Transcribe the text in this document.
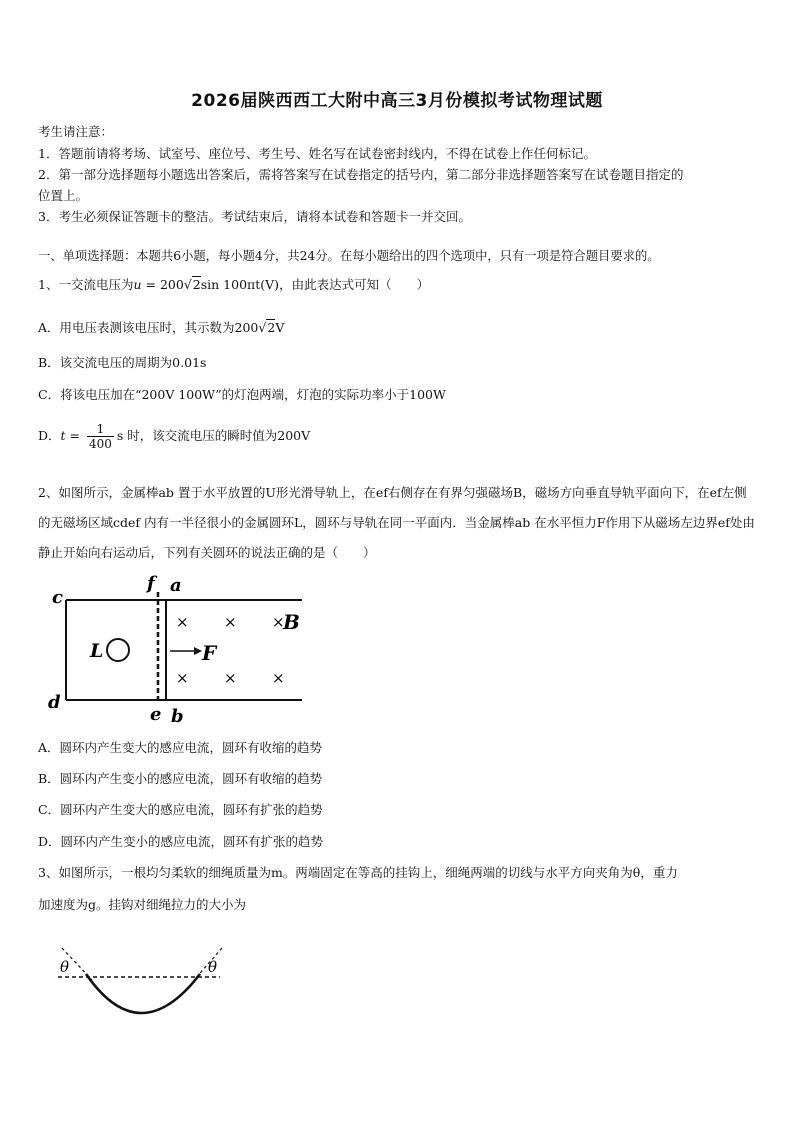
2026届陕西西工大附中高三3月份模拟考试物理试题
考生请注意：
1．答题前请将考场、试室号、座位号、考生号、姓名写在试卷密封线内，不得在试卷上作任何标记。
2．第一部分选择题每小题选出答案后，需将答案写在试卷指定的括号内，第二部分非选择题答案写在试卷题目指定的
位置上。
3．考生必须保证答题卡的整洁。考试结束后，请将本试卷和答题卡一并交回。
一、单项选择题：本题共6小题，每小题4分，共24分。在每小题给出的四个选项中，只有一项是符合题目要求的。
1、一交流电压为u = 200√2sin 100πt(V)，由此表达式可知（　　）
A．用电压表测该电压时，其示数为200√2V
B．该交流电压的周期为0.01s
C．将该电压加在“200V 100W”的灯泡两端，灯泡的实际功率小于100W
D．$t = \frac{1}{400}$ s 时，该交流电压的瞬时值为200V
2、如图所示，金属棒ab 置于水平放置的U形光滑导轨上，在ef右侧存在有界匀强磁场B，磁场方向垂直导轨平面向下，在ef左侧的无磁场区域cdef 内有一半径很小的金属圆环L，圆环与导轨在同一平面内．当金属棒ab 在水平恒力F作用下从磁场左边界ef处由静止开始向右运动后，下列有关圆环的说法正确的是（　　）
c
f a
d
e b
L	F
B
× × ×
× × ×
A．圆环内产生变大的感应电流，圆环有收缩的趋势
B．圆环内产生变小的感应电流，圆环有收缩的趋势
C．圆环内产生变大的感应电流，圆环有扩张的趋势
D．圆环内产生变小的感应电流，圆环有扩张的趋势
3、如图所示，一根均匀柔软的细绳质量为m。两端固定在等高的挂钩上，细绳两端的切线与水平方向夹角为θ，重力
加速度为g。挂钩对细绳拉力的大小为
θ	θ
